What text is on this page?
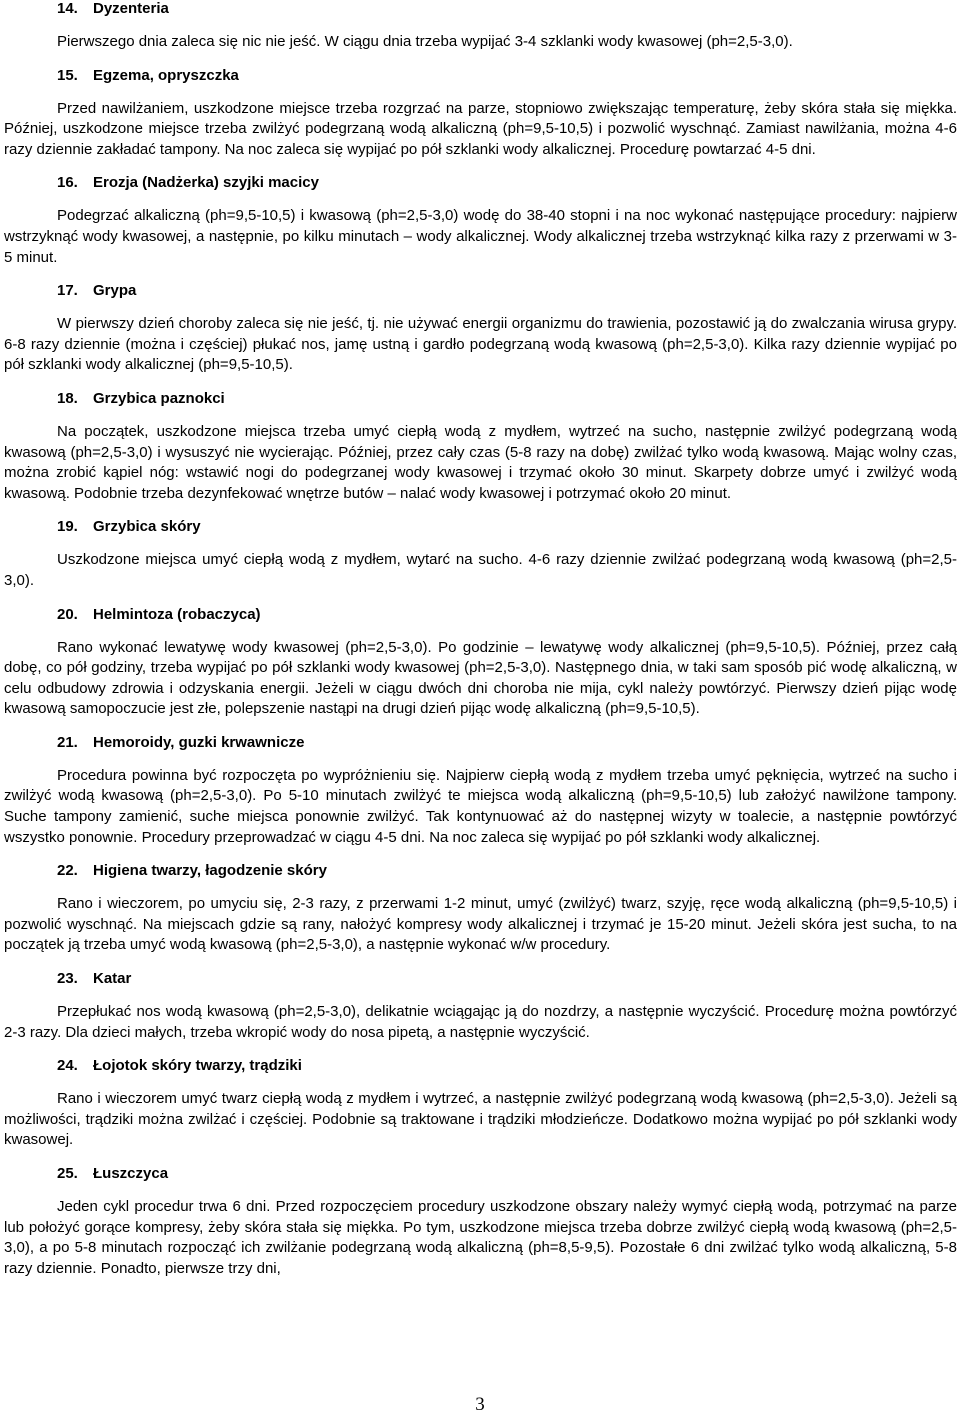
14. Dyzenteria

Pierwszego dnia zaleca się nic nie jeść. W ciągu dnia trzeba wypijać 3-4 szklanki wody kwasowej (ph=2,5-3,0).

15. Egzema, opryszczka

Przed nawilżaniem, uszkodzone miejsce trzeba rozgrzać na parze, stopniowo zwiększając temperaturę, żeby skóra stała się miękka. Później, uszkodzone miejsce trzeba zwilżyć podegrzaną wodą alkaliczną (ph=9,5-10,5) i pozwolić wyschnąć. Zamiast nawilżania, można 4-6 razy dziennie zakładać tampony. Na noc zaleca się wypijać po pół szklanki wody alkalicznej. Procedurę powtarzać 4-5 dni.

16. Erozja (Nadżerka) szyjki macicy

Podegrzać alkaliczną (ph=9,5-10,5) i kwasową (ph=2,5-3,0) wodę do 38-40 stopni i na noc wykonać następujące procedury: najpierw wstrzyknąć wody kwasowej, a następnie, po kilku minutach – wody alkalicznej. Wody alkalicznej trzeba wstrzyknąć kilka razy z przerwami w 3-5 minut.

17. Grypa

W pierwszy dzień choroby zaleca się nie jeść, tj. nie używać energii organizmu do trawienia, pozostawić ją do zwalczania wirusa grypy. 6-8 razy dziennie (można i częściej) płukać nos, jamę ustną i gardło podegrzaną wodą kwasową (ph=2,5-3,0). Kilka razy dziennie wypijać po pół szklanki wody alkalicznej (ph=9,5-10,5).

18. Grzybica paznokci

Na początek, uszkodzone miejsca trzeba umyć ciepłą wodą z mydłem, wytrzeć na sucho, następnie zwilżyć podegrzaną wodą kwasową (ph=2,5-3,0) i wysuszyć nie wycierając. Później, przez cały czas (5-8 razy na dobę) zwilżać tylko wodą kwasową. Mając wolny czas, można zrobić kąpiel nóg: wstawić nogi do podegrzanej wody kwasowej i trzymać około 30 minut. Skarpety dobrze umyć i zwilżyć wodą kwasową. Podobnie trzeba dezynfekować wnętrze butów – nalać wody kwasowej i potrzymać około 20 minut.

19. Grzybica skóry

Uszkodzone miejsca umyć ciepłą wodą z mydłem, wytarć na sucho. 4-6 razy dziennie zwilżać podegrzaną wodą kwasową (ph=2,5-3,0).

20. Helmintoza (robaczyca)

Rano wykonać lewatywę wody kwasowej (ph=2,5-3,0). Po godzinie – lewatywę wody alkalicznej (ph=9,5-10,5). Później, przez całą dobę, co pół godziny, trzeba wypijać po pół szklanki wody kwasowej (ph=2,5-3,0). Następnego dnia, w taki sam sposób pić wodę alkaliczną, w celu odbudowy zdrowia i odzyskania energii. Jeżeli w ciągu dwóch dni choroba nie mija, cykl należy powtórzyć. Pierwszy dzień pijąc wodę kwasową samopoczucie jest złe, polepszenie nastąpi na drugi dzień pijąc wodę alkaliczną (ph=9,5-10,5).

21. Hemoroidy, guzki krwawnicze

Procedura powinna być rozpoczęta po wypróżnieniu się. Najpierw ciepłą wodą z mydłem trzeba umyć pęknięcia, wytrzeć na sucho i zwilżyć wodą kwasową (ph=2,5-3,0). Po 5-10 minutach zwilżyć te miejsca wodą alkaliczną (ph=9,5-10,5) lub założyć nawilżone tampony. Suche tampony zamienić, suche miejsca ponownie zwilżyć. Tak kontynuować aż do następnej wizyty w toalecie, a następnie powtórzyć wszystko ponownie. Procedury przeprowadzać w ciągu 4-5 dni. Na noc zaleca się wypijać po pół szklanki wody alkalicznej.

22. Higiena twarzy, łagodzenie skóry

Rano i wieczorem, po umyciu się, 2-3 razy, z przerwami 1-2 minut, umyć (zwilżyć) twarz, szyję, ręce wodą alkaliczną (ph=9,5-10,5) i pozwolić wyschnąć. Na miejscach gdzie są rany, nałożyć kompresy wody alkalicznej i trzymać je 15-20 minut. Jeżeli skóra jest sucha, to na początek ją trzeba umyć wodą kwasową (ph=2,5-3,0), a następnie wykonać w/w procedury.

23. Katar

Przepłukać nos wodą kwasową (ph=2,5-3,0), delikatnie wciągając ją do nozdrzy, a następnie wyczyścić. Procedurę można powtórzyć 2-3 razy. Dla dzieci małych, trzeba wkropić wody do nosa pipetą, a następnie wyczyścić.

24. Łojotok skóry twarzy, trądziki

Rano i wieczorem umyć twarz ciepłą wodą z mydłem i wytrzeć, a następnie zwilżyć podegrzaną wodą kwasową (ph=2,5-3,0). Jeżeli są możliwości, trądziki można zwilżać i częściej. Podobnie są traktowane i trądziki młodzieńcze. Dodatkowo można wypijać po pół szklanki wody kwasowej.

25. Łuszczyca

Jeden cykl procedur trwa 6 dni. Przed rozpoczęciem procedury uszkodzone obszary należy wymyć ciepłą wodą, potrzymać na parze lub położyć gorące kompresy, żeby skóra stała się miękka. Po tym, uszkodzone miejsca trzeba dobrze zwilżyć ciepłą wodą kwasową (ph=2,5-3,0), a po 5-8 minutach rozpocząć ich zwilżanie podegrzaną wodą alkaliczną (ph=8,5-9,5). Pozostałe 6 dni zwilżać tylko wodą alkaliczną, 5-8 razy dziennie. Ponadto, pierwsze trzy dni,

3
